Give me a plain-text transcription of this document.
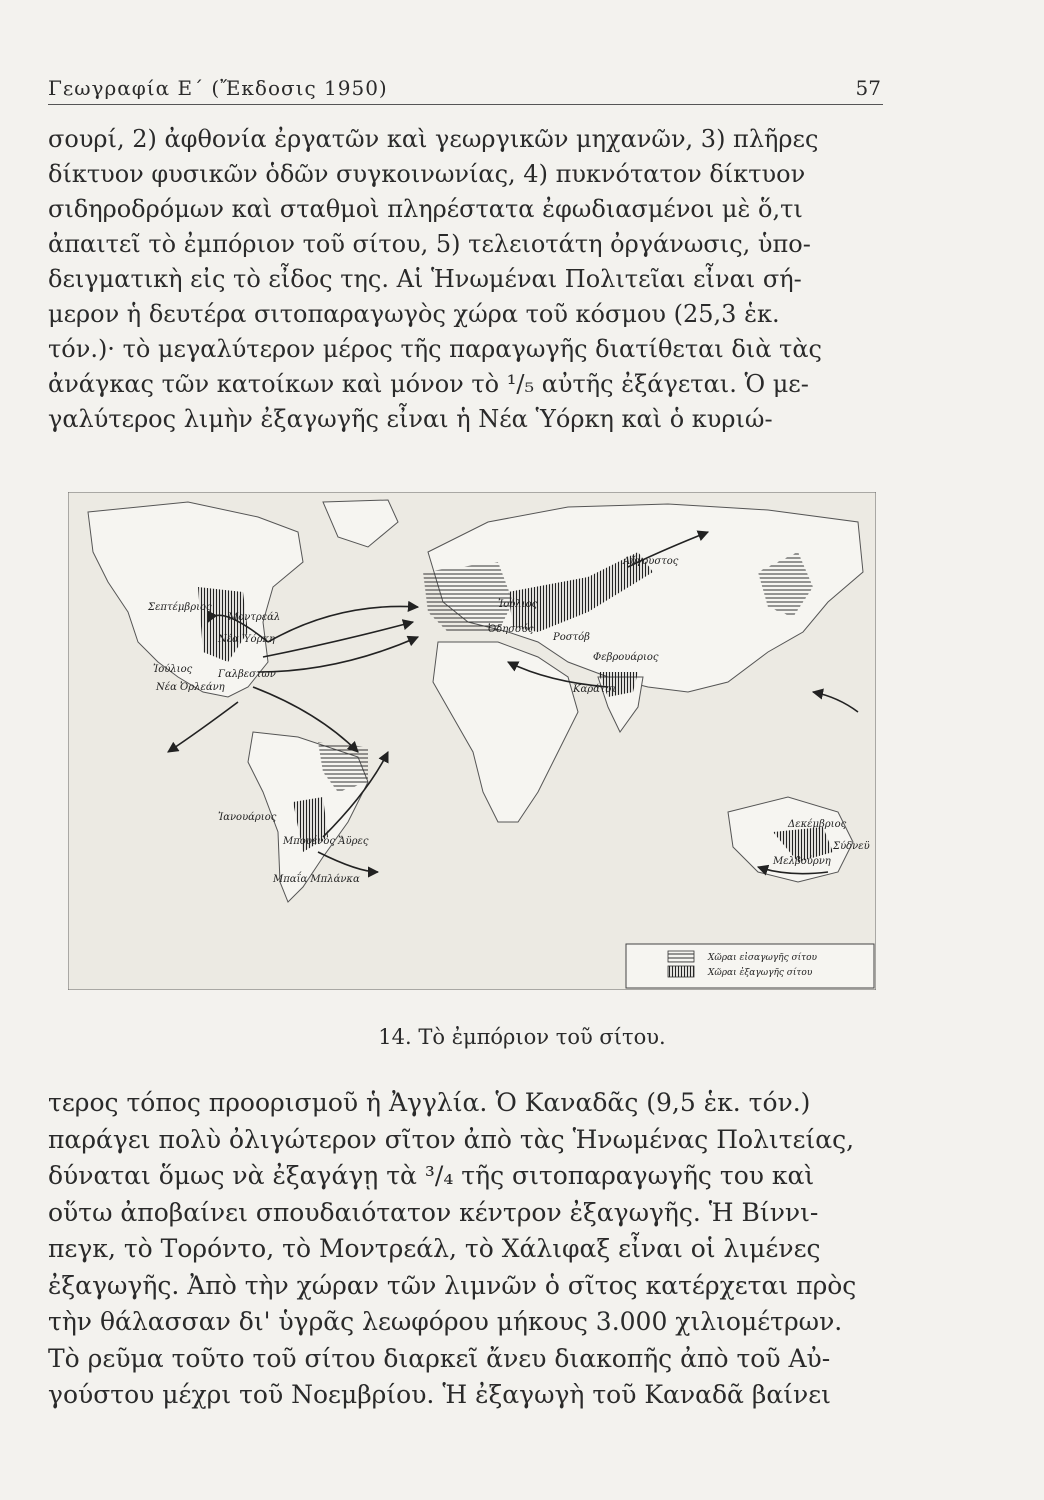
Γεωγραφία Ε΄ (Ἔκδοσις 1950)	57
σουρί, 2) ἀφθονία ἐργατῶν καὶ γεωργικῶν μηχανῶν, 3) πλῆρες
δίκτυον φυσικῶν ὁδῶν συγκοινωνίας, 4) πυκνότατον δίκτυον
σιδηροδρόμων καὶ σταθμοὶ πληρέστατα ἐφωδιασμένοι μὲ ὅ,τι
ἀπαιτεῖ τὸ ἐμπόριον τοῦ σίτου, 5) τελειοτάτη ὀργάνωσις, ὑπο-
δειγματικὴ εἰς τὸ εἶδος της. Αἱ Ἡνωμέναι Πολιτεῖαι εἶναι σή-
μερον ἡ δευτέρα σιτοπαραγωγὸς χώρα τοῦ κόσμου (25,3 ἑκ.
τόν.)· τὸ μεγαλύτερον μέρος τῆς παραγωγῆς διατίθεται διὰ τὰς
ἀνάγκας τῶν κατοίκων καὶ μόνον τὸ ¹/₅ αὐτῆς ἐξάγεται. Ὁ με-
γαλύτερος λιμὴν ἐξαγωγῆς εἶναι ἡ Νέα Ὑόρκη καὶ ὁ κυριώ-
Σεπτέμβριος
Ἰούλιος
Νέα Ὀρλεάνη
Γαλβεστων
Νέα Ὑόρκη
Μοντρεάλ
Αὔγουστος
Ἰούλιος
Ὀδησσός
Ροστόβ
Φεβρουάριος
Καράτσι
Ἰανουάριος
Μπουένος Ἄϋρες
Μπαΐα Μπλάνκα
Δεκέμβριος
Μελβούρνη
Σύδνεϋ
Χῶραι εἰσαγωγῆς σίτου
Χῶραι ἐξαγωγῆς σίτου
14. Τὸ ἐμπόριον τοῦ σίτου.
τερος τόπος προορισμοῦ ἡ Ἀγγλία. Ὁ Καναδᾶς (9,5 ἑκ. τόν.)
παράγει πολὺ ὀλιγώτερον σῖτον ἀπὸ τὰς Ἡνωμένας Πολιτείας,
δύναται ὅμως νὰ ἐξαγάγῃ τὰ ³/₄ τῆς σιτοπαραγωγῆς του καὶ
οὕτω ἀποβαίνει σπουδαιότατον κέντρον ἐξαγωγῆς. Ἡ Βίννι-
πεγκ, τὸ Τορόντο, τὸ Μοντρεάλ, τὸ Χάλιφαξ εἶναι οἱ λιμένες
ἐξαγωγῆς. Ἀπὸ τὴν χώραν τῶν λιμνῶν ὁ σῖτος κατέρχεται πρὸς
τὴν θάλασσαν δι' ὑγρᾶς λεωφόρου μήκους 3.000 χιλιομέτρων.
Τὸ ρεῦμα τοῦτο τοῦ σίτου διαρκεῖ ἄνευ διακοπῆς ἀπὸ τοῦ Αὐ-
γούστου μέχρι τοῦ Νοεμβρίου. Ἡ ἐξαγωγὴ τοῦ Καναδᾶ βαίνει
